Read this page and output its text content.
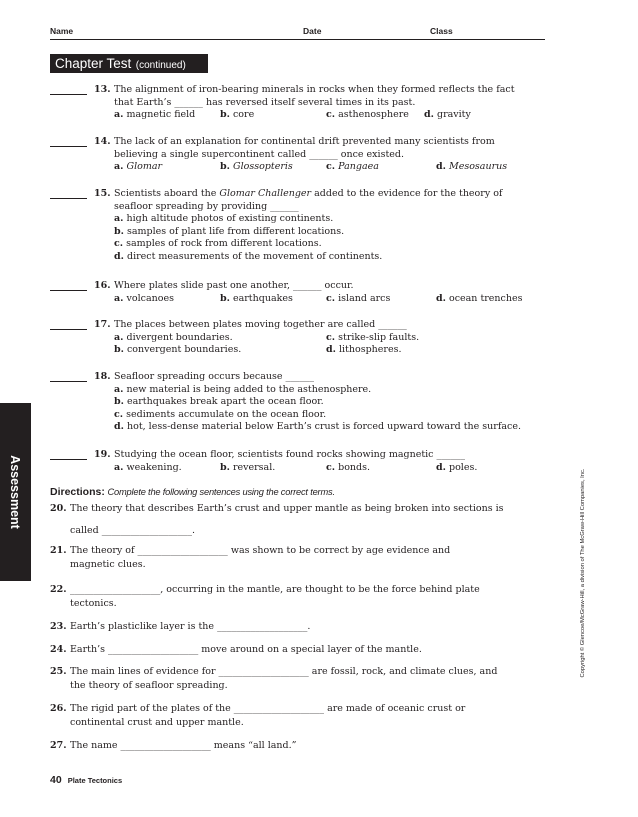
Name	Date	Class
Chapter Test (continued)
Assessment	Copyright © Glencoe/McGraw-Hill, a division of The McGraw-Hill Companies, Inc.
13. The alignment of iron-bearing minerals in rocks when they formed reflects the fact
that Earth’s ______ has reversed itself several times in its past.
a. magnetic field	b. core	c. asthenosphere d. gravity
14. The lack of an explanation for continental drift prevented many scientists from
believing a single supercontinent called ______ once existed.
a. Glomar	b. Glossopteris	c. Pangaea	d. Mesosaurus
15. Scientists aboard the Glomar Challenger added to the evidence for the theory of
seafloor spreading by providing ______
a. high altitude photos of existing continents.
b. samples of plant life from different locations.
c. samples of rock from different locations.
d. direct measurements of the movement of continents.
16. Where plates slide past one another, ______ occur.
a. volcanoes	b. earthquakes	c. island arcs	d. ocean trenches
17. The places between plates moving together are called ______
a. divergent boundaries.	c. strike-slip faults.
b. convergent boundaries.	d. lithospheres.
18. Seafloor spreading occurs because ______
a. new material is being added to the asthenosphere.
b. earthquakes break apart the ocean floor.
c. sediments accumulate on the ocean floor.
d. hot, less-dense material below Earth’s crust is forced upward toward the surface.
19. Studying the ocean floor, scientists found rocks showing magnetic ______
a. weakening.	b. reversal.	c. bonds.	d. poles.
Directions: Complete the following sentences using the correct terms.
20. The theory that describes Earth’s crust and upper mantle as being broken into sections is
called ___________________.
21. The theory of ___________________ was shown to be correct by age evidence and
magnetic clues.
22. ___________________, occurring in the mantle, are thought to be the force behind plate
tectonics.
23. Earth’s plasticlike layer is the ___________________.
24. Earth’s ___________________ move around on a special layer of the mantle.
25. The main lines of evidence for ___________________ are fossil, rock, and climate clues, and
the theory of seafloor spreading.
26. The rigid part of the plates of the ___________________ are made of oceanic crust or
continental crust and upper mantle.
27. The name ___________________ means “all land.”
40 Plate Tectonics
